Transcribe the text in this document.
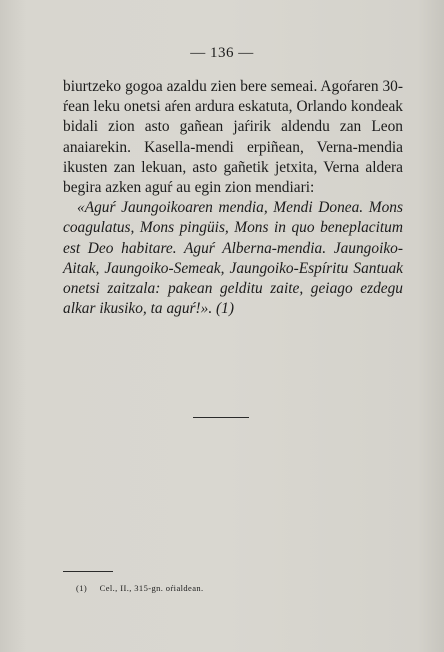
— 136 —

biurtzeko gogoa azaldu zien bere semeai. Agoŕaren 30-ŕean leku onetsi aŕen ardura eskatuta, Orlando kondeak bidali zion asto gañean jaŕirik aldendu zan Leon anaiarekin. Kasella-mendi erpiñean, Verna-mendia ikusten zan lekuan, asto gañetik jetxita, Verna aldera begira azken aguŕ au egin zion mendiari:

«Aguŕ Jaungoikoaren mendia, Mendi Donea. Mons coagulatus, Mons pingüis, Mons in quo beneplacitum est Deo habitare. Aguŕ Alberna-mendia. Jaungoiko-Aitak, Jaungoiko-Semeak, Jaungoiko-Espíritu Santuak onetsi zaitzala: pakean gelditu zaite, geiago ezdegu alkar ikusiko, ta aguŕ!». (1)

(1) Cel., II., 315-gn. oŕialdean.
